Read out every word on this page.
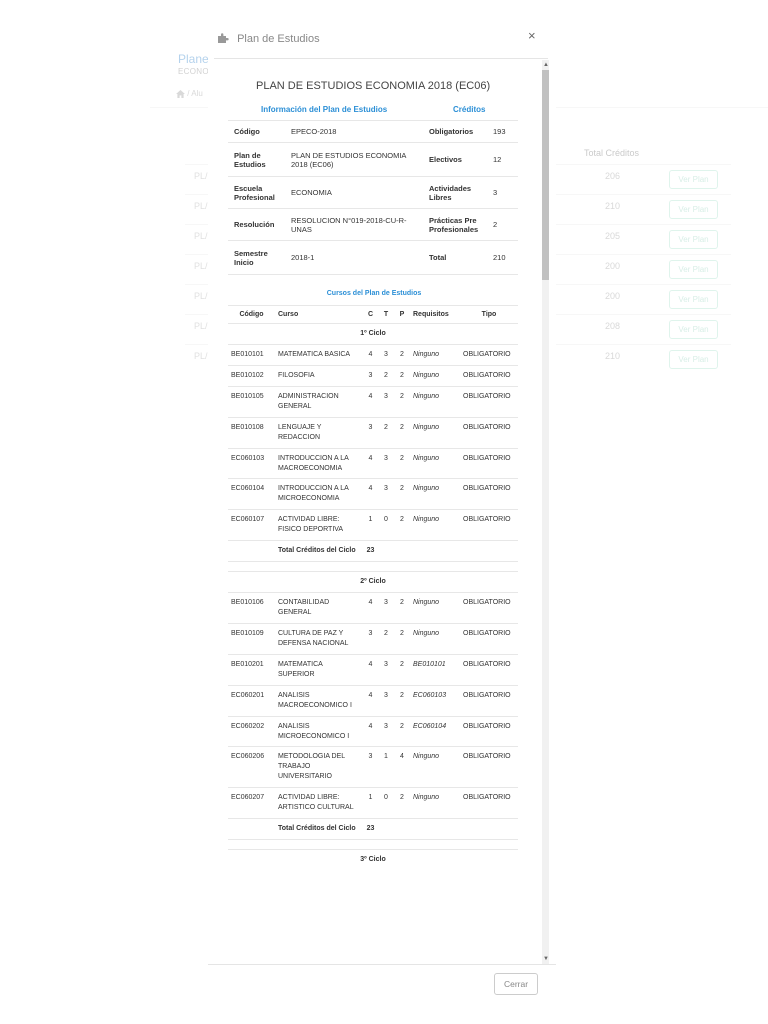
Plan de Estudios	×
PLAN DE ESTUDIOS ECONOMIA 2018 (EC06)
Información del Plan de Estudios	Créditos
Código	EPECO-2018	Obligatorios	193
Plan de Estudios	PLAN DE ESTUDIOS ECONOMIA 2018 (EC06)	Electivos	12
Escuela Profesional	ECONOMIA	Actividades Libres	3
Resolución	RESOLUCION N°019-2018-CU-R-UNAS	Prácticas Pre Profesionales	2
Semestre Inicio	2018-1	Total	210
Cursos del Plan de Estudios
Código	Curso	C	T	P	Requisitos	Tipo
1º Ciclo						
BE010101	MATEMATICA BASICA	4	3	2	Ninguno	OBLIGATORIO
BE010102	FILOSOFIA	3	2	2	Ninguno	OBLIGATORIO
BE010105	ADMINISTRACION GENERAL	4	3	2	Ninguno	OBLIGATORIO
BE010108	LENGUAJE Y REDACCION	3	2	2	Ninguno	OBLIGATORIO
EC060103	INTRODUCCION A LA MACROECONOMIA	4	3	2	Ninguno	OBLIGATORIO
EC060104	INTRODUCCION A LA MICROECONOMIA	4	3	2	Ninguno	OBLIGATORIO
EC060107	ACTIVIDAD LIBRE: FISICO DEPORTIVA	1	0	2	Ninguno	OBLIGATORIO
	Total Créditos del Ciclo	23				

2º Ciclo						
BE010106	CONTABILIDAD GENERAL	4	3	2	Ninguno	OBLIGATORIO
BE010109	CULTURA DE PAZ Y DEFENSA NACIONAL	3	2	2	Ninguno	OBLIGATORIO
BE010201	MATEMATICA SUPERIOR	4	3	2	BE010101	OBLIGATORIO
EC060201	ANALISIS MACROECONOMICO I	4	3	2	EC060103	OBLIGATORIO
EC060202	ANALISIS MICROECONOMICO I	4	3	2	EC060104	OBLIGATORIO
EC060206	METODOLOGIA DEL TRABAJO UNIVERSITARIO	3	1	4	Ninguno	OBLIGATORIO
EC060207	ACTIVIDAD LIBRE: ARTISTICO CULTURAL	1	0	2	Ninguno	OBLIGATORIO
	Total Créditos del Ciclo	23				

3º Ciclo						
▲
▼
Cerrar
